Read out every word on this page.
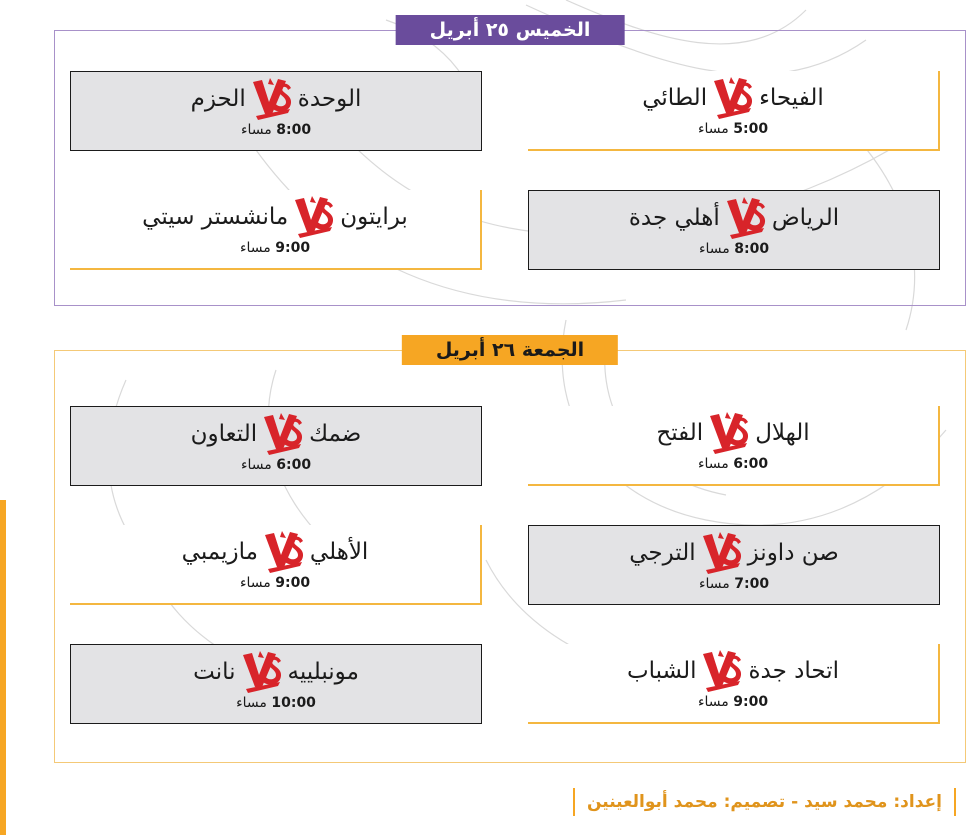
الخميس ٢٥ أبريل
الجمعة ٢٦ أبريل
الطائي الفيحاء
5:00 مساء
الحزم الوحدة
8:00 مساء
أهلي جدة الرياض
8:00 مساء
مانشستر سيتي برايتون
9:00 مساء
الفتح الهلال
6:00 مساء
التعاون ضمك
6:00 مساء
الترجي صن داونز
7:00 مساء
مازيمبي الأهلي
9:00 مساء
الشباب اتحاد جدة
9:00 مساء
نانت مونبلييه
10:00 مساء
إعداد: محمد سيد - تصميم: محمد أبوالعينين
